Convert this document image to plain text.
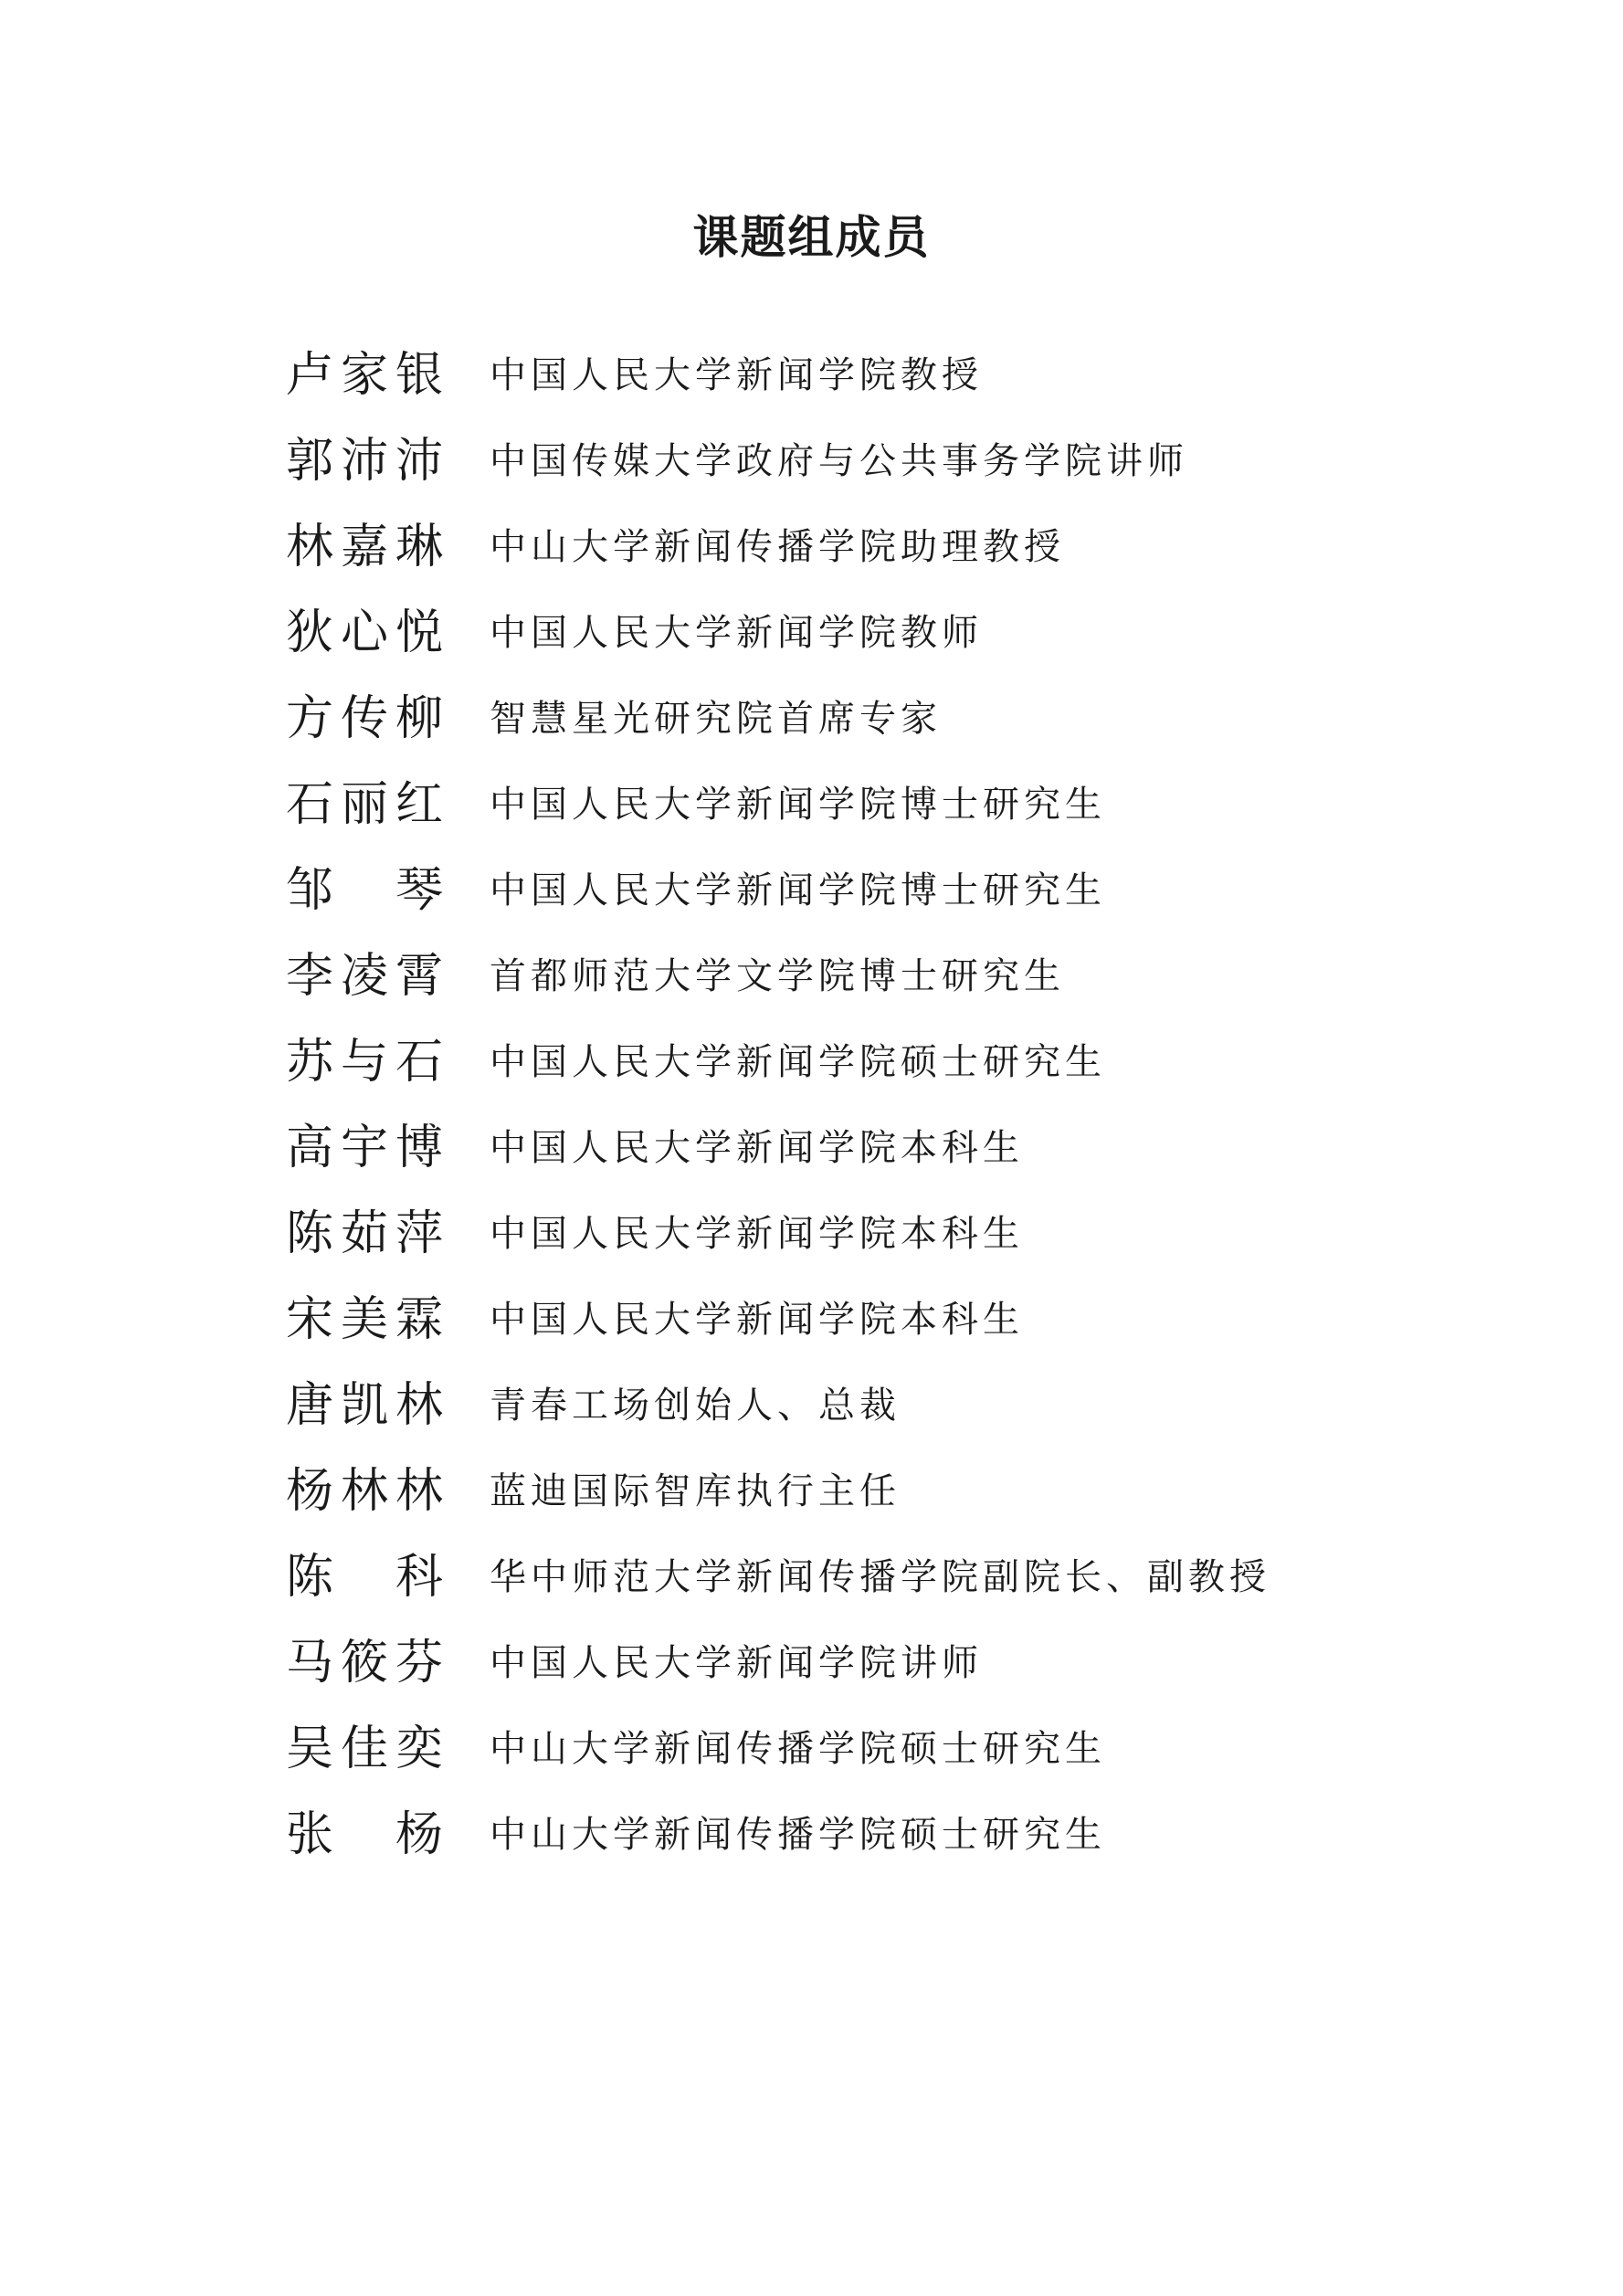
课题组成员
卢 家 银 中国人民大学新闻学院教授
郭 沛 沛 中国传媒大学政府与公共事务学院讲师
林 嘉 琳 中山大学新闻传播学院助理教授
狄 心 悦 中国人民大学新闻学院教师
方 传 柳 智慧星光研究院首席专家
石 丽 红 中国人民大学新闻学院博士研究生
邹 琴 中国人民大学新闻学院博士研究生
李 凌 霄 首都师范大学文学院博士研究生
苏 与 石 中国人民大学新闻学院硕士研究生
高 宇 博 中国人民大学新闻学院本科生
陈 茹 萍 中国人民大学新闻学院本科生
宋 美 霖 中国人民大学新闻学院本科生
唐 凯 林 青春工场创始人、总裁
杨 林 林 蓝迪国际智库执行主任
陈 科 华中师范大学新闻传播学院副院长、副教授
马 筱 芬 中国人民大学新闻学院讲师
吴 佳 奕 中山大学新闻传播学院硕士研究生
张 杨 中山大学新闻传播学院硕士研究生
